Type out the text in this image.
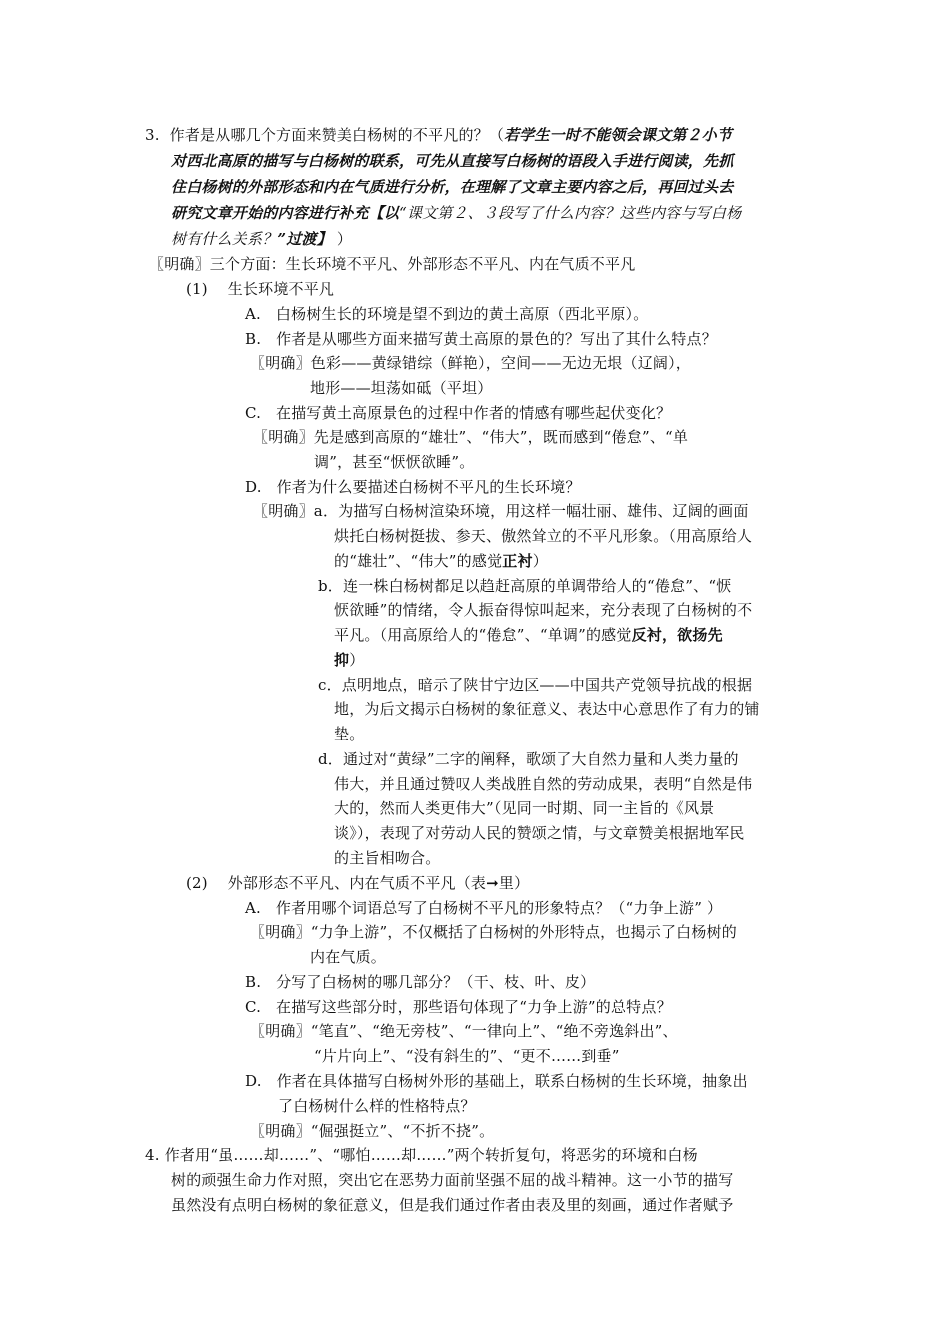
3. 作者是从哪几个方面来赞美白杨树的不平凡的？（若学生一时不能领会课文第２小节
对西北高原的描写与白杨树的联系，可先从直接写白杨树的语段入手进行阅读，先抓
住白杨树的外部形态和内在气质进行分析，在理解了文章主要内容之后，再回过头去
研究文章开始的内容进行补充【以“课文第２、３段写了什么内容？这些内容与写白杨
树有什么关系？”过渡】 ）
〖明确〗三个方面：生长环境不平凡、外部形态不平凡、内在气质不平凡
(1) 生长环境不平凡
A. 白杨树生长的环境是望不到边的黄土高原（西北平原）。
B. 作者是从哪些方面来描写黄土高原的景色的？写出了其什么特点？
〖明确〗色彩——黄绿错综（鲜艳），空间——无边无垠（辽阔），
地形——坦荡如砥（平坦）
C. 在描写黄土高原景色的过程中作者的情感有哪些起伏变化？
〖明确〗先是感到高原的“雄壮”、“伟大”，既而感到“倦怠”、“单
调”，甚至“恹恹欲睡”。
D. 作者为什么要描述白杨树不平凡的生长环境？
〖明确〗a．为描写白杨树渲染环境，用这样一幅壮丽、雄伟、辽阔的画面
烘托白杨树挺拔、参天、傲然耸立的不平凡形象。（用高原给人
的“雄壮”、“伟大”的感觉正衬）
b．连一株白杨树都足以趋赶高原的单调带给人的“倦怠”、“恹
恹欲睡”的情绪，令人振奋得惊叫起来，充分表现了白杨树的不
平凡。（用高原给人的“倦怠”、“单调”的感觉反衬，欲扬先
抑）
c．点明地点，暗示了陕甘宁边区——中国共产党领导抗战的根据
地，为后文揭示白杨树的象征意义、表达中心意思作了有力的铺
垫。
d．通过对“黄绿”二字的阐释，歌颂了大自然力量和人类力量的
伟大，并且通过赞叹人类战胜自然的劳动成果，表明“自然是伟
大的，然而人类更伟大”（见同一时期、同一主旨的《风景
谈》），表现了对劳动人民的赞颂之情，与文章赞美根据地军民
的主旨相吻合。
(2) 外部形态不平凡、内在气质不平凡（表➞里）
A. 作者用哪个词语总写了白杨树不平凡的形象特点？（“力争上游” ）
〖明确〗“力争上游”，不仅概括了白杨树的外形特点，也揭示了白杨树的
内在气质。
B. 分写了白杨树的哪几部分？（干、枝、叶、皮）
C. 在描写这些部分时，那些语句体现了“力争上游”的总特点？
〖明确〗“笔直”、“绝无旁枝”、“一律向上”、“绝不旁逸斜出”、
“片片向上”、“没有斜生的”、“更不……到垂”
D. 作者在具体描写白杨树外形的基础上，联系白杨树的生长环境，抽象出
了白杨树什么样的性格特点？
〖明确〗“倔强挺立”、“不折不挠”。
4. 作者用“虽……却……”、“哪怕……却……”两个转折复句，将恶劣的环境和白杨
树的顽强生命力作对照，突出它在恶势力面前坚强不屈的战斗精神。这一小节的描写
虽然没有点明白杨树的象征意义，但是我们通过作者由表及里的刻画，通过作者赋予
